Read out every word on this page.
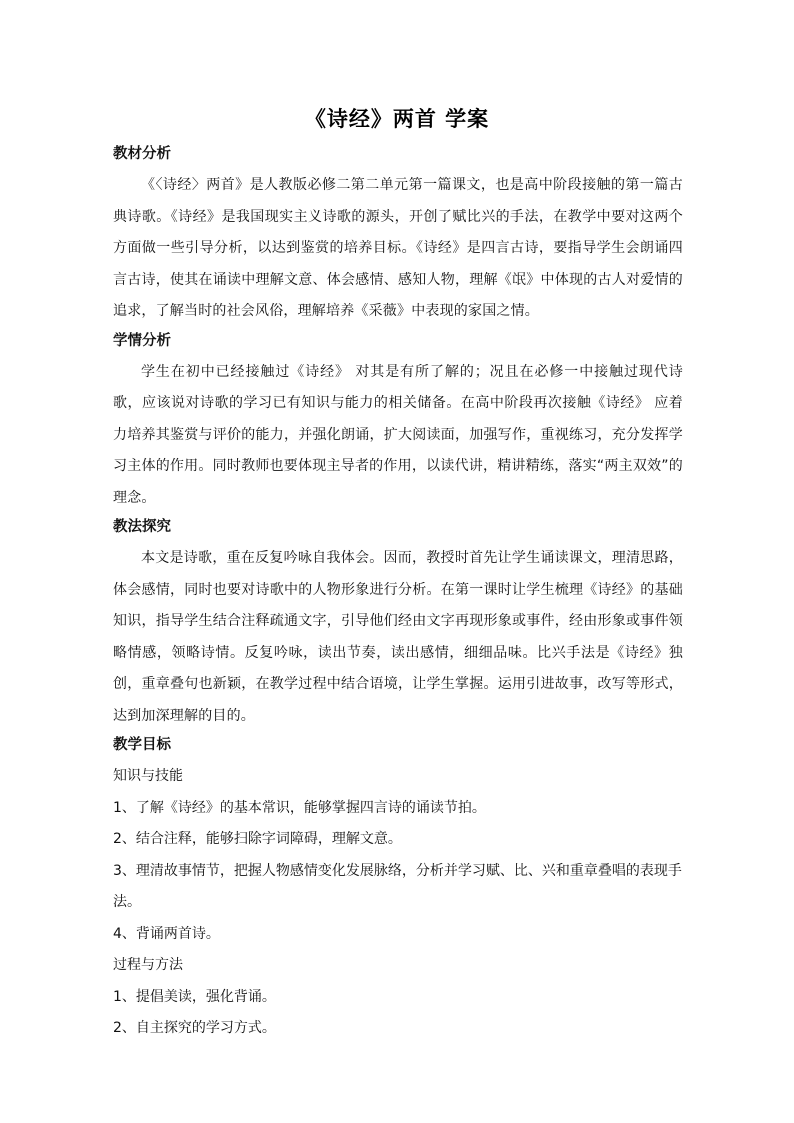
《诗经》两首 学案

教材分析

《〈诗经〉两首》是人教版必修二第二单元第一篇课文，也是高中阶段接触的第一篇古典诗歌。《诗经》是我国现实主义诗歌的源头，开创了赋比兴的手法，在教学中要对这两个方面做一些引导分析，以达到鉴赏的培养目标。《诗经》是四言古诗，要指导学生会朗诵四言古诗，使其在诵读中理解文意、体会感情、感知人物，理解《氓》中体现的古人对爱情的追求，了解当时的社会风俗，理解培养《采薇》中表现的家国之情。

学情分析

学生在初中已经接触过《诗经》 对其是有所了解的；况且在必修一中接触过现代诗歌，应该说对诗歌的学习已有知识与能力的相关储备。在高中阶段再次接触《诗经》 应着力培养其鉴赏与评价的能力，并强化朗诵，扩大阅读面，加强写作，重视练习，充分发挥学习主体的作用。同时教师也要体现主导者的作用，以读代讲，精讲精练，落实“两主双效”的理念。

教法探究

本文是诗歌，重在反复吟咏自我体会。因而，教授时首先让学生诵读课文，理清思路，体会感情，同时也要对诗歌中的人物形象进行分析。在第一课时让学生梳理《诗经》的基础知识，指导学生结合注释疏通文字，引导他们经由文字再现形象或事件，经由形象或事件领略情感，领略诗情。反复吟咏，读出节奏，读出感情，细细品味。比兴手法是《诗经》独创，重章叠句也新颖，在教学过程中结合语境，让学生掌握。运用引进故事，改写等形式，达到加深理解的目的。

教学目标

知识与技能

1、了解《诗经》的基本常识，能够掌握四言诗的诵读节拍。

2、结合注释，能够扫除字词障碍，理解文意。

3、理清故事情节，把握人物感情变化发展脉络，分析并学习赋、比、兴和重章叠唱的表现手法。

4、背诵两首诗。

过程与方法

1、提倡美读，强化背诵。

2、自主探究的学习方式。
